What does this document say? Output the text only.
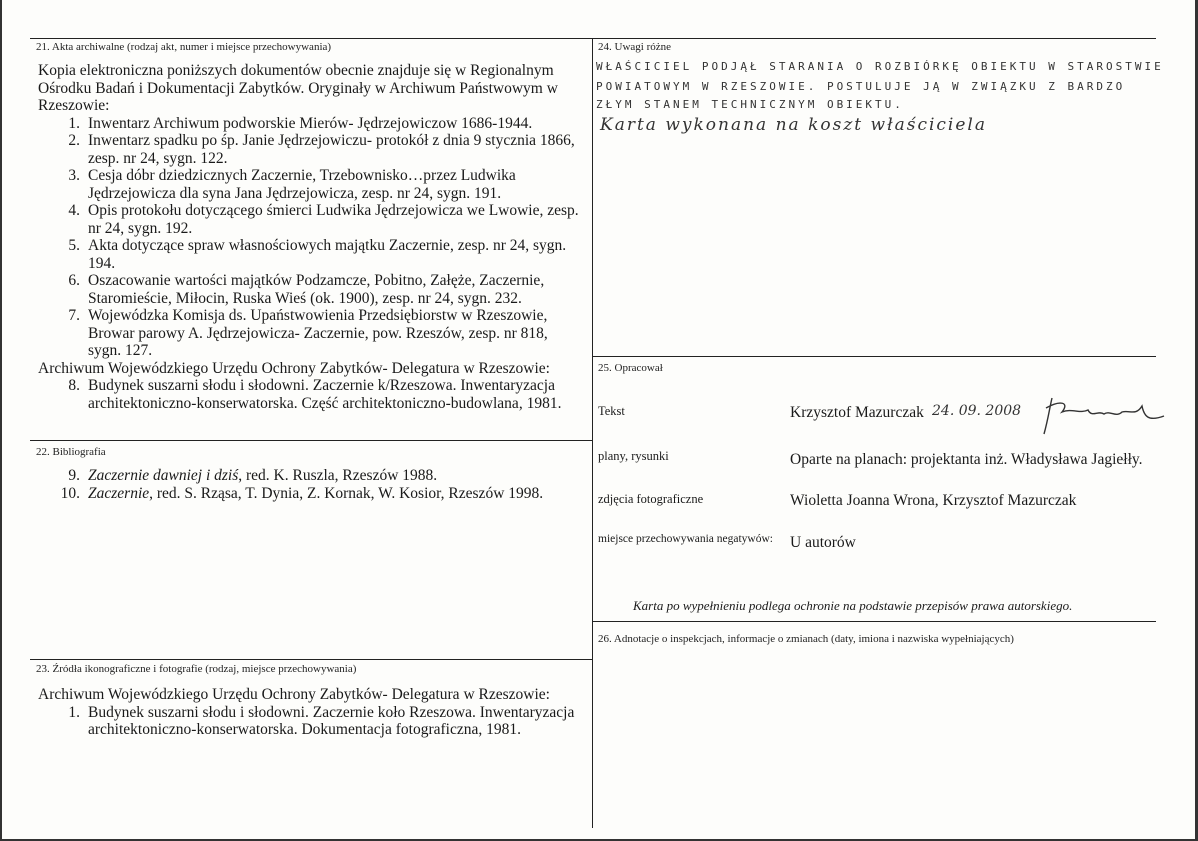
21. Akta archiwalne (rodzaj akt, numer i miejsce przechowywania)
Kopia elektroniczna poniższych dokumentów obecnie znajduje się w Regionalnym
Ośrodku Badań i Dokumentacji Zabytków. Oryginały w Archiwum Państwowym w
Rzeszowie:
1. Inwentarz Archiwum podworskie Mierów- Jędrzejowiczow 1686-1944.
2. Inwentarz spadku po śp. Janie Jędrzejowiczu- protokół z dnia 9 stycznia 1866,
zesp. nr 24, sygn. 122.
3. Cesja dóbr dziedzicznych Zaczernie, Trzebownisko…przez Ludwika
Jędrzejowicza dla syna Jana Jędrzejowicza, zesp. nr 24, sygn. 191.
4. Opis protokołu dotyczącego śmierci Ludwika Jędrzejowicza we Lwowie, zesp.
nr 24, sygn. 192.
5. Akta dotyczące spraw własnościowych majątku Zaczernie, zesp. nr 24, sygn.
194.
6. Oszacowanie wartości majątków Podzamcze, Pobitno, Załęże, Zaczernie,
Staromieście, Miłocin, Ruska Wieś (ok. 1900), zesp. nr 24, sygn. 232.
7. Wojewódzka Komisja ds. Upaństwowienia Przedsiębiorstw w Rzeszowie,
Browar parowy A. Jędrzejowicza- Zaczernie, pow. Rzeszów, zesp. nr 818,
sygn. 127.
Archiwum Wojewódzkiego Urzędu Ochrony Zabytków- Delegatura w Rzeszowie:
8. Budynek suszarni słodu i słodowni. Zaczernie k/Rzeszowa. Inwentaryzacja
architektoniczno-konserwatorska. Część architektoniczno-budowlana, 1981.
22. Bibliografia
9. Zaczernie dawniej i dziś, red. K. Ruszla, Rzeszów 1988.
10. Zaczernie, red. S. Rząsa, T. Dynia, Z. Kornak, W. Kosior, Rzeszów 1998.
23. Źródła ikonograficzne i fotografie (rodzaj, miejsce przechowywania)
Archiwum Wojewódzkiego Urzędu Ochrony Zabytków- Delegatura w Rzeszowie:
1. Budynek suszarni słodu i słodowni. Zaczernie koło Rzeszowa. Inwentaryzacja
architektoniczno-konserwatorska. Dokumentacja fotograficzna, 1981.
24. Uwagi różne
WŁAŚCICIEL PODJĄŁ STARANIA O ROZBIÓRKĘ OBIEKTU W STAROSTWIE
POWIATOWYM W RZESZOWIE. POSTULUJE JĄ W ZWIĄZKU Z BARDZO
ZŁYM STANEM TECHNICZNYM OBIEKTU.
Karta wykonana na koszt właściciela
25. Opracował
Tekst	Krzysztof Mazurczak 24. 09. 2008
plany, rysunki	Oparte na planach: projektanta inż. Władysława Jagiełły.
zdjęcia fotograficzne	Wioletta Joanna Wrona, Krzysztof Mazurczak
miejsce przechowywania negatywów: U autorów
Karta po wypełnieniu podlega ochronie na podstawie przepisów prawa autorskiego.
26. Adnotacje o inspekcjach, informacje o zmianach (daty, imiona i nazwiska wypełniających)
